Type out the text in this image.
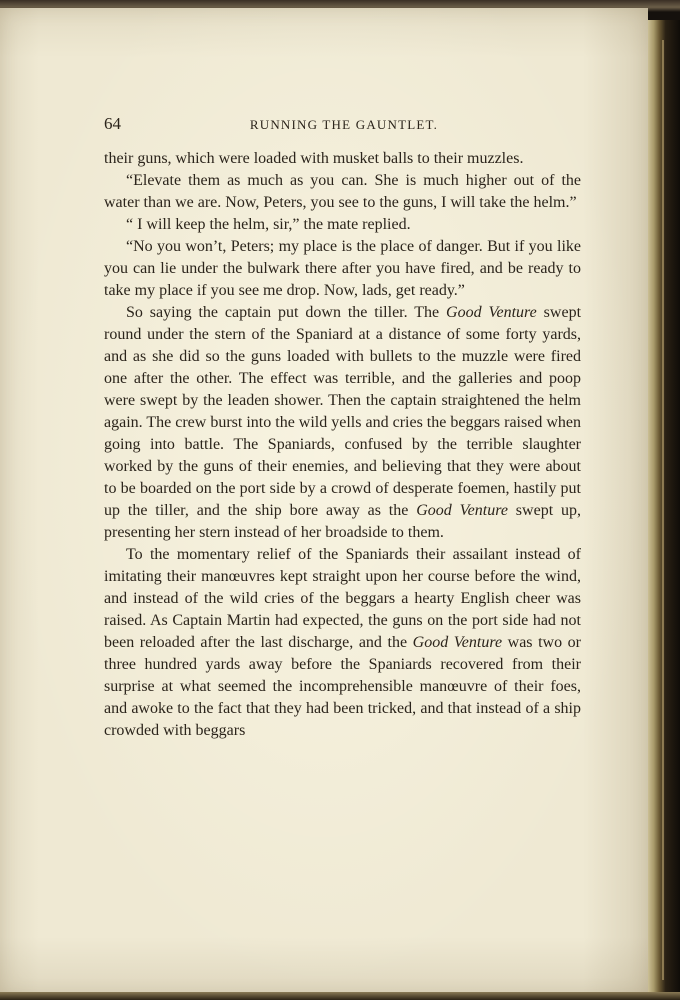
64	RUNNING THE GAUNTLET.

their guns, which were loaded with musket balls to their muzzles.

“Elevate them as much as you can. She is much higher out of the water than we are. Now, Peters, you see to the guns, I will take the helm.”

“ I will keep the helm, sir,” the mate replied.

“No you won’t, Peters; my place is the place of danger. But if you like you can lie under the bulwark there after you have fired, and be ready to take my place if you see me drop. Now, lads, get ready.”

So saying the captain put down the tiller. The Good Venture swept round under the stern of the Spaniard at a distance of some forty yards, and as she did so the guns loaded with bullets to the muzzle were fired one after the other. The effect was terrible, and the galleries and poop were swept by the leaden shower. Then the captain straightened the helm again. The crew burst into the wild yells and cries the beggars raised when going into battle. The Spaniards, confused by the terrible slaughter worked by the guns of their enemies, and believing that they were about to be boarded on the port side by a crowd of desperate foemen, hastily put up the tiller, and the ship bore away as the Good Venture swept up, presenting her stern instead of her broadside to them.

To the momentary relief of the Spaniards their assailant instead of imitating their manœuvres kept straight upon her course before the wind, and instead of the wild cries of the beggars a hearty English cheer was raised. As Captain Martin had expected, the guns on the port side had not been reloaded after the last discharge, and the Good Venture was two or three hundred yards away before the Spaniards recovered from their surprise at what seemed the incomprehensible manœuvre of their foes, and awoke to the fact that they had been tricked, and that instead of a ship crowded with beggars
